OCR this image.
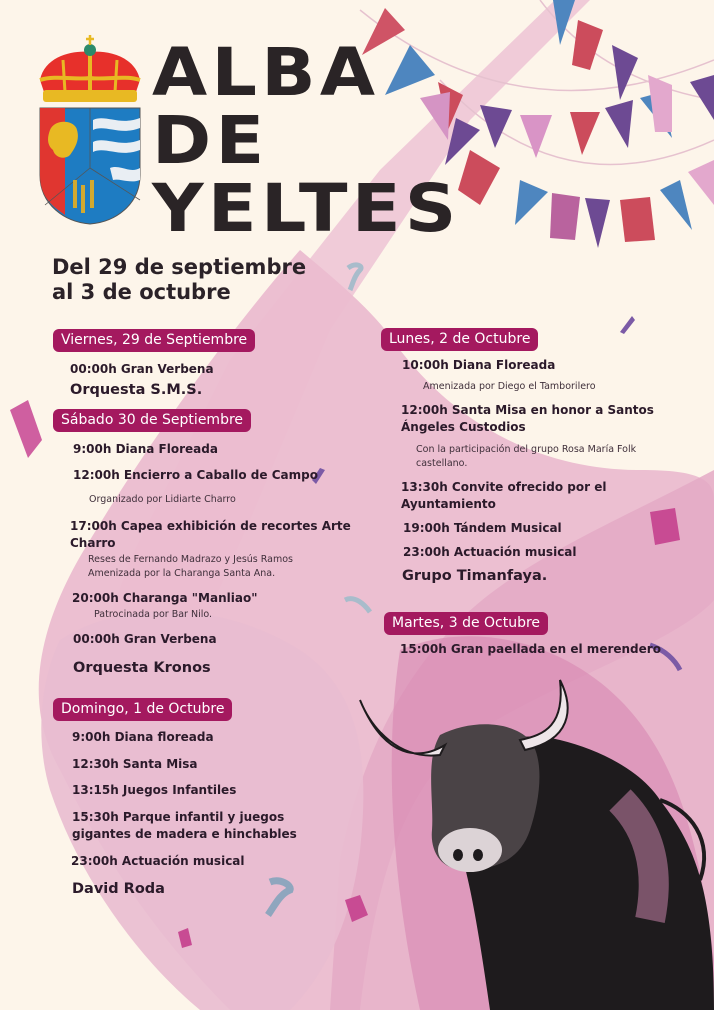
ALBA
DE
YELTES
Del 29 de septiembre
al 3 de octubre
Viernes, 29 de Septiembre
00:00h Gran Verbena
Orquesta S.M.S.
Sábado 30 de Septiembre
9:00h Diana Floreada
12:00h Encierro a Caballo de Campo
Organizado por Lidiarte Charro
17:00h Capea exhibición de recortes Arte
Charro
Reses de Fernando Madrazo y Jesús Ramos
Amenizada por la Charanga Santa Ana.
20:00h Charanga "Manliao"
Patrocinada por Bar Nilo.
00:00h Gran Verbena
Orquesta Kronos
Domingo, 1 de Octubre
9:00h Diana floreada
12:30h Santa Misa
13:15h Juegos Infantiles
15:30h Parque infantil y juegos
gigantes de madera e hinchables
23:00h Actuación musical
David Roda
Lunes, 2 de Octubre
10:00h Diana Floreada
Amenizada por Diego el Tamborilero
12:00h Santa Misa en honor a Santos
Ángeles Custodios
Con la participación del grupo Rosa María Folk
castellano.
13:30h Convite ofrecido por el
Ayuntamiento
19:00h Tándem Musical
23:00h Actuación musical
Grupo Timanfaya.
Martes, 3 de Octubre
15:00h Gran paellada en el merendero
